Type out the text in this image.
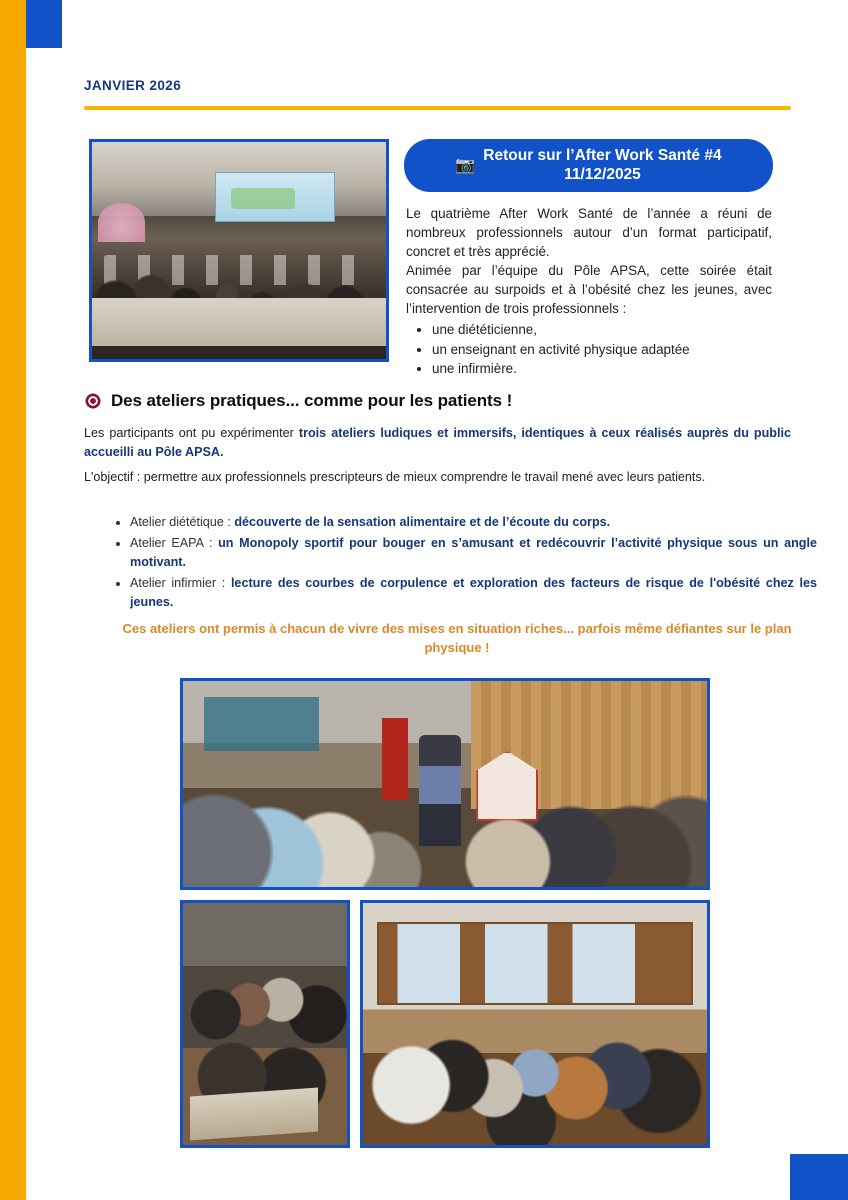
JANVIER 2026
📷
Retour sur l’After Work Santé #4
11/12/2025

Le quatrième After Work Santé de l’année a réuni de nombreux professionnels autour d’un format participatif, concret et très apprécié.

Animée par l’équipe du Pôle APSA, cette soirée était consacrée au surpoids et à l’obésité chez les jeunes, avec l’intervention de trois professionnels :

• une diététicienne,
• un enseignant en activité physique adaptée
• une infirmière.
Des ateliers pratiques... comme pour les patients !
Les participants ont pu expérimenter trois ateliers ludiques et immersifs, identiques à ceux réalisés auprès du public accueilli au Pôle APSA.
L'objectif : permettre aux professionnels prescripteurs de mieux comprendre le travail mené avec leurs patients.
• Atelier diététique : découverte de la sensation alimentaire et de l’écoute du corps.
• Atelier EAPA : un Monopoly sportif pour bouger en s’amusant et redécouvrir l’activité physique sous un angle motivant.
• Atelier infirmier : lecture des courbes de corpulence et exploration des facteurs de risque de l'obésité chez les jeunes.
Ces ateliers ont permis à chacun de vivre des mises en situation riches... parfois même défiantes sur le plan physique !
